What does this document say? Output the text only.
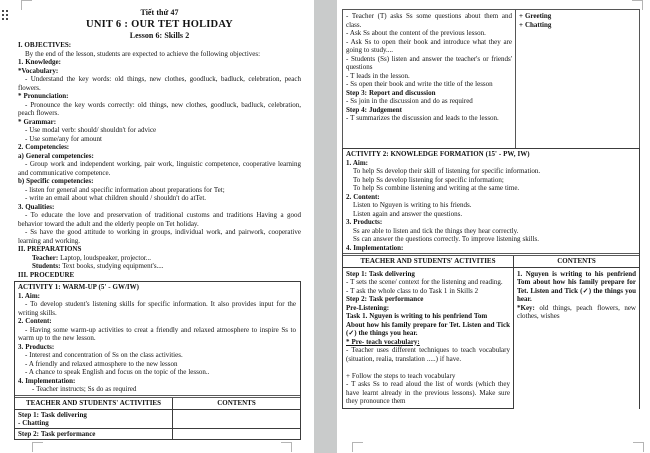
Tiết thứ 47

UNIT 6 : OUR TET HOLIDAY

Lesson 6: Skills 2

I. OBJECTIVES:

By the end of the lesson, students are expected to achieve the following objectives:

1. Knowledge:

*Vocabulary:

- Understand the key words: old things, new clothes, goodluck, badluck, celebration, peach flowers.

* Pronunciation:

- Pronounce the key words correctly: old things, new clothes, goodluck, badluck, celebration, peach flowers.

* Grammar:

- Use modal verb: should/ shouldn't for advice

- Use some/any for amount

2. Competencies:

a) General competencies:

- Group work and independent working, pair work, linguistic competence, cooperative learning and communicative competence.

b) Specific competencies:

- listen for general and specific information about preparations for Tet;

- write an email about what children should / shouldn't do atTet.

3. Qualities:

- To educate the love and preservation of traditional customs and traditions Having a good behavior toward the adult and the elderly people on Tet holiday.

- Ss have the good attitude to working in groups, individual work, and pairwork, cooperative learning and working.

II. PREPARATIONS

Teacher: Laptop, loudspeaker, projector...

Students: Text books, studying equipment's....

III. PROCEDURE

ACTIVITY 1: WARM-UP (5' - GW/IW)

1. Aim:

- To develop student's listening skills for specific information. It also provides input for the writing skills.

2. Content:

- Having some warm-up activities to creat a friendly and relaxed atmosphere to inspire Ss to warm up to the new lesson.

3. Products:

- Interest and concentration of Ss on the class activities.

- A friendly and relaxed atmosphere to the new lesson

- A chance to speak English and focus on the topic of the lesson..

4. Implementation:

- Teacher instructs; Ss do as required

TEACHER AND STUDENTS' ACTIVITIES	CONTENTS

Step 1: Task delivering

- Chatting

Step 2: Task performance

- Teacher (T) asks Ss some questions about them and class.

- Ask Ss about the content of the previous lesson.

- Ask Ss to open their book and introduce what they are going to study....

- Students (Ss) listen and answer the teacher's or friends' questions

- T leads in the lesson.

- Ss open their book and write the title of the lesson

Step 3: Report and discussion

- Ss join in the discussion and do as required

Step 4: Judgement

- T summarizes the discussion and leads to the lesson.

+ Greeting

+ Chatting

ACTIVITY 2: KNOWLEDGE FORMATION (15' - PW, IW)

1. Aim:

To help Ss develop their skill of listening for specific information.

To help Ss develop listening for specific information;

To help Ss combine listening and writing at the same time.

2. Content:

Listen to Nguyen is writing to his friends.

Listen again and answer the questions.

3. Products:

Ss are able to listen and tick the things they hear correctly.

Ss can answer the questions correctly. To improve listening skills.

4. Implementation:

TEACHER AND STUDENTS' ACTIVITIES	CONTENTS

Step 1: Task delivering

- T sets the scene/ context for the listening and reading.

- T ask the whole class to do Task 1 in Skills 2

Step 2: Task performance

Pre-Listening:

Task 1. Nguyen is writing to his penfriend Tom

About how his family prepare for Tet. Listen and Tick (✓) the things you hear.

* Pre- teach vocabulary:

- Teacher uses different techniques to teach vocabulary (situation, realia, translation .....) if have.

+ Follow the steps to teach vocabulary

- T asks Ss to read aloud the list of words (which they have learnt already in the previous lessons). Make sure they pronounce them

1. Nguyen is writing to his penfriend Tom about how his family prepare for Tet. Listen and Tick (✓) the things you hear.

*Key: old things, peach flowers, new clothes, wishes
